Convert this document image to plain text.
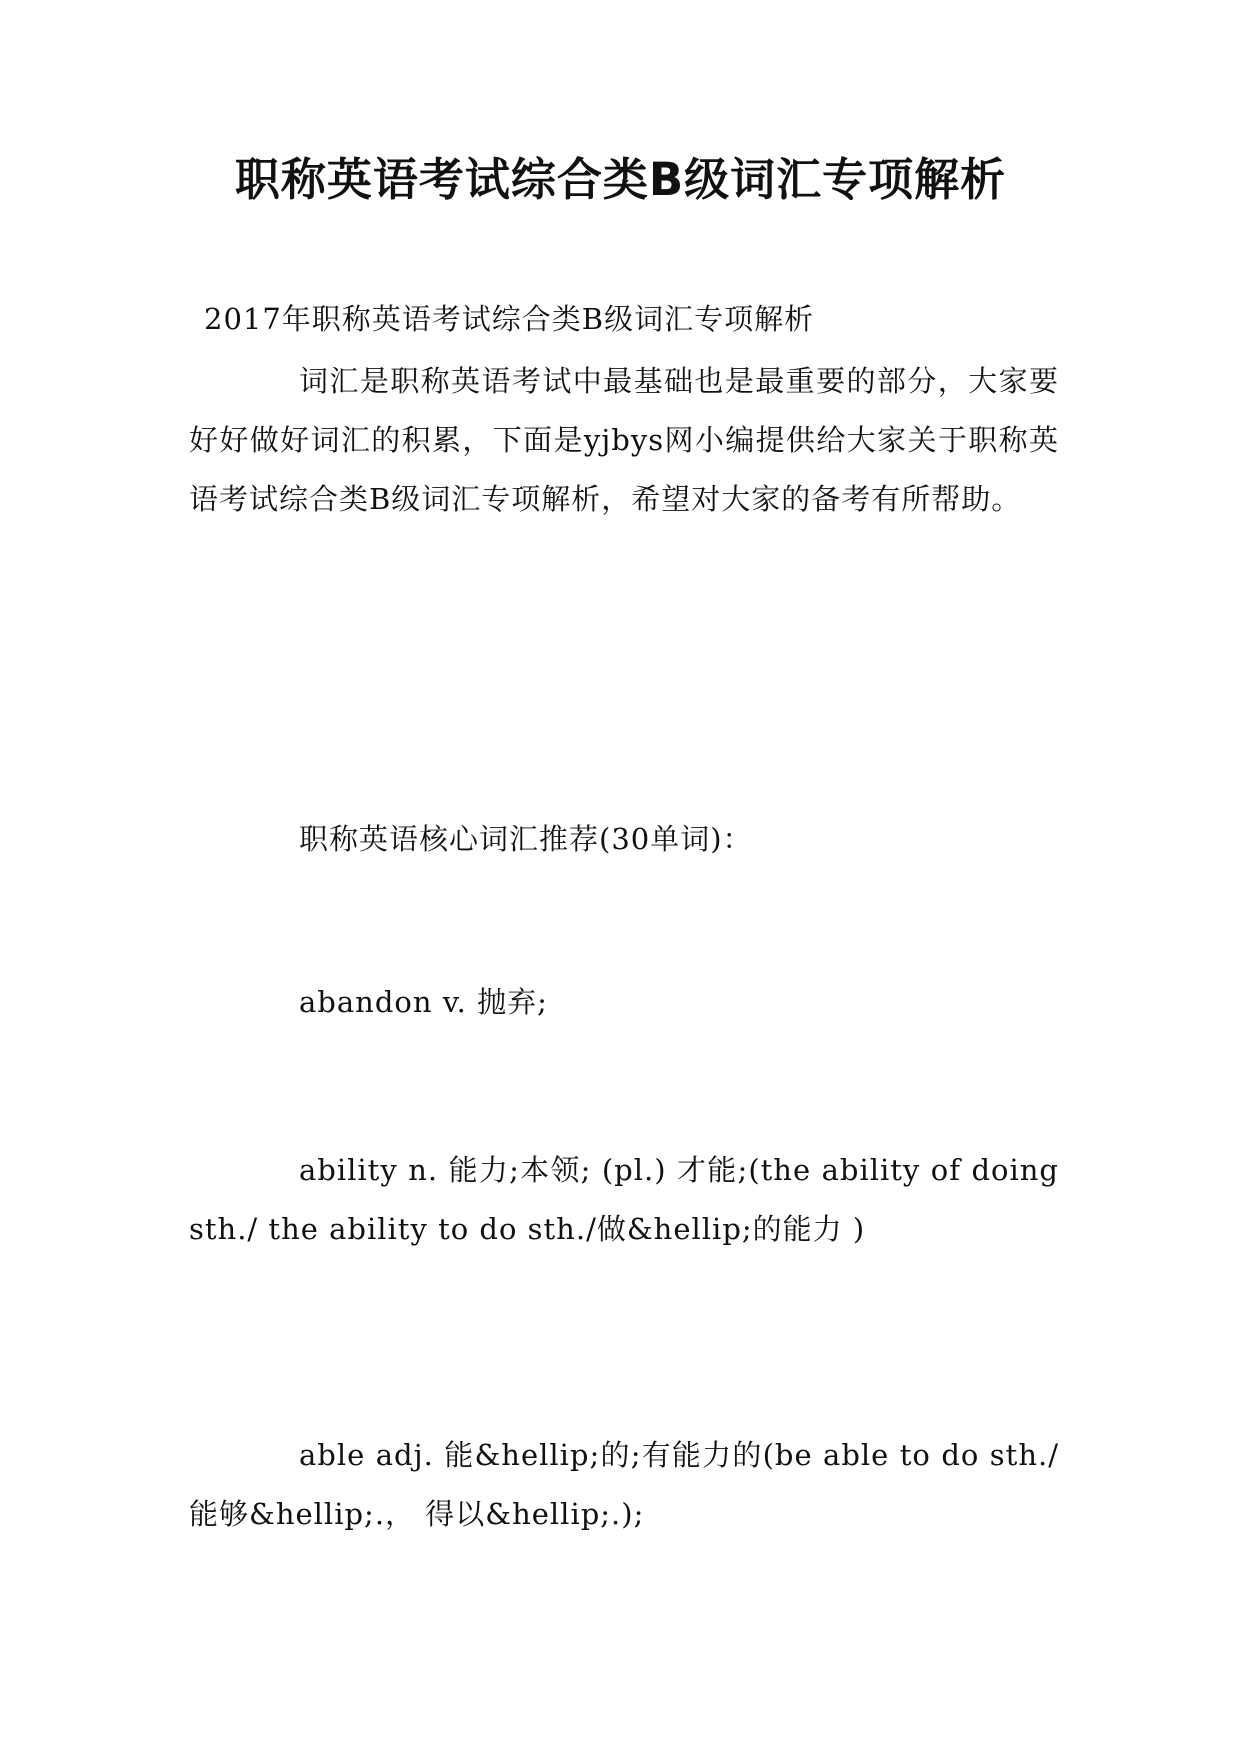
职称英语考试综合类B级词汇专项解析

2017年职称英语考试综合类B级词汇专项解析

词汇是职称英语考试中最基础也是最重要的部分，大家要好好做好词汇的积累，下面是yjbys网小编提供给大家关于职称英语考试综合类B级词汇专项解析，希望对大家的备考有所帮助。

职称英语核心词汇推荐(30单词)：

abandon v. 抛弃;

ability n. 能力;本领; (pl.) 才能;(the ability of doing sth./ the ability to do sth./做&hellip;的能力 )

able adj. 能&hellip;的;有能力的(be able to do sth./能够&hellip;.， 得以&hellip;.);
